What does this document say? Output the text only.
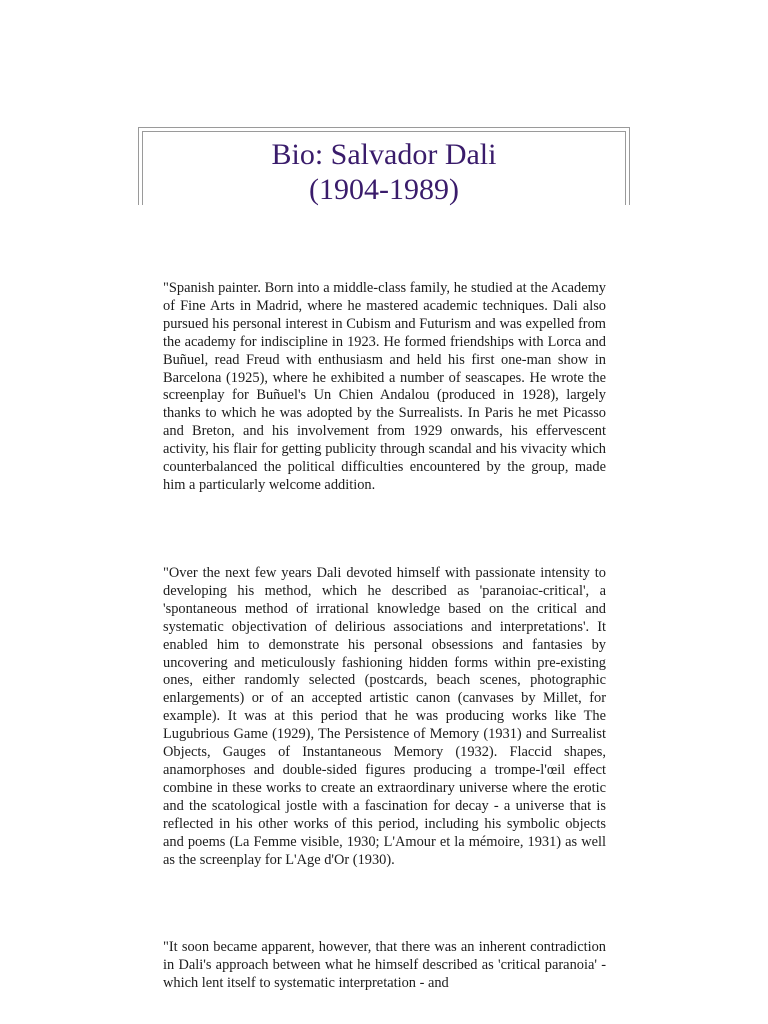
Bio: Salvador Dali

(1904-1989)

"Spanish painter. Born into a middle-class family, he studied at the Academy of Fine Arts in Madrid, where he mastered academic techniques. Dali also pursued his personal interest in Cubism and Futurism and was expelled from the academy for indiscipline in 1923. He formed friendships with Lorca and Buñuel, read Freud with enthusiasm and held his first one-man show in Barcelona (1925), where he exhibited a number of seascapes. He wrote the screenplay for Buñuel's Un Chien Andalou (produced in 1928), largely thanks to which he was adopted by the Surrealists. In Paris he met Picasso and Breton, and his involvement from 1929 onwards, his effervescent activity, his flair for getting publicity through scandal and his vivacity which counterbalanced the political difficulties encountered by the group, made him a particularly welcome addition.

"Over the next few years Dali devoted himself with passionate intensity to developing his method, which he described as 'paranoiac-critical', a 'spontaneous method of irrational knowledge based on the critical and systematic objectivation of delirious associations and interpretations'. It enabled him to demonstrate his personal obsessions and fantasies by uncovering and meticulously fashioning hidden forms within pre-existing ones, either randomly selected (postcards, beach scenes, photographic enlargements) or of an accepted artistic canon (canvases by Millet, for example). It was at this period that he was producing works like The Lugubrious Game (1929), The Persistence of Memory (1931) and Surrealist Objects, Gauges of Instantaneous Memory (1932). Flaccid shapes, anamorphoses and double-sided figures producing a trompe-l'œil effect combine in these works to create an extraordinary universe where the erotic and the scatological jostle with a fascination for decay - a universe that is reflected in his other works of this period, including his symbolic objects and poems (La Femme visible, 1930; L'Amour et la mémoire, 1931) as well as the screenplay for L'Age d'Or (1930).

"It soon became apparent, however, that there was an inherent contradiction in Dali's approach between what he himself described as 'critical paranoia' - which lent itself to systematic interpretation - and
